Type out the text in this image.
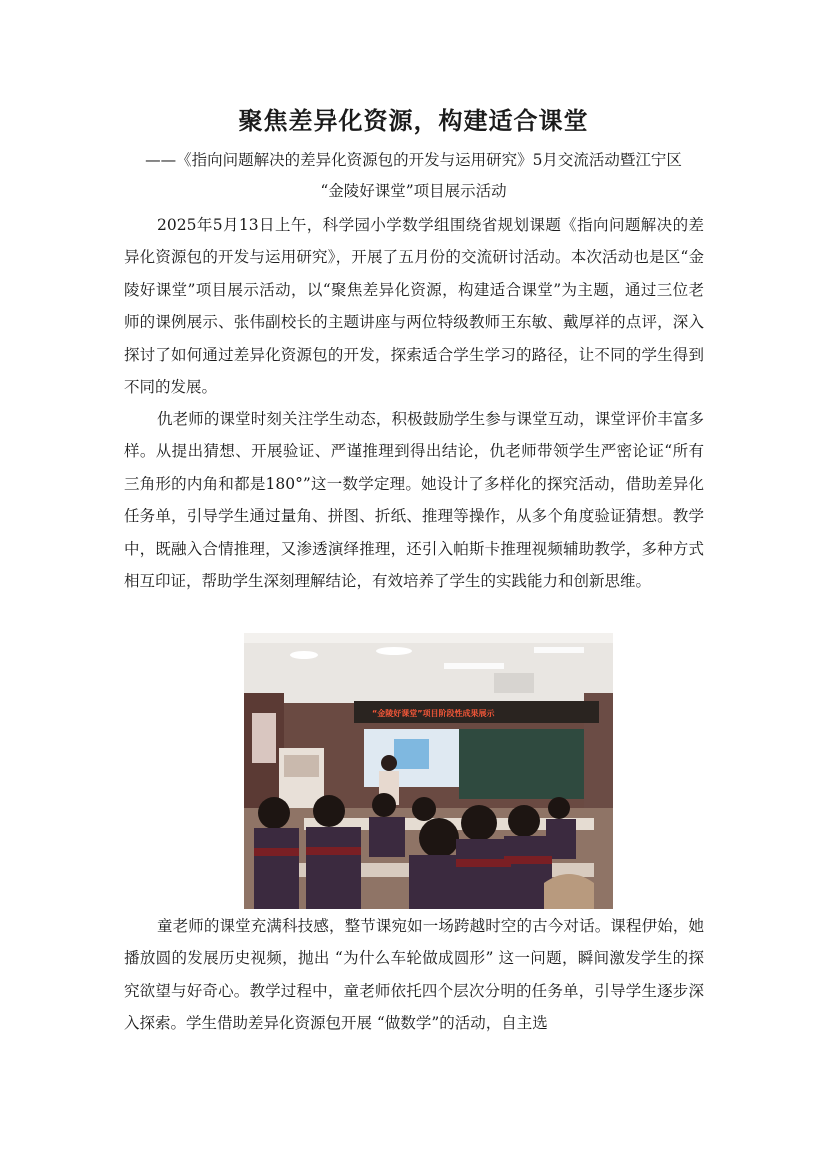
聚焦差异化资源，构建适合课堂
——《指向问题解决的差异化资源包的开发与运用研究》5月交流活动暨江宁区
“金陵好课堂”项目展示活动

2025年5月13日上午，科学园小学数学组围绕省规划课题《指向问题解决的差异化资源包的开发与运用研究》，开展了五月份的交流研讨活动。本次活动也是区“金陵好课堂”项目展示活动，以“聚焦差异化资源，构建适合课堂”为主题，通过三位老师的课例展示、张伟副校长的主题讲座与两位特级教师王东敏、戴厚祥的点评，深入探讨了如何通过差异化资源包的开发，探索适合学生学习的路径，让不同的学生得到不同的发展。

仇老师的课堂时刻关注学生动态，积极鼓励学生参与课堂互动，课堂评价丰富多样。从提出猜想、开展验证、严谨推理到得出结论，仇老师带领学生严密论证“所有三角形的内角和都是180°”这一数学定理。她设计了多样化的探究活动，借助差异化任务单，引导学生通过量角、拼图、折纸、推理等操作，从多个角度验证猜想。教学中，既融入合情推理，又渗透演绎推理，还引入帕斯卡推理视频辅助教学，多种方式相互印证，帮助学生深刻理解结论，有效培养了学生的实践能力和创新思维。

“金陵好课堂”项目阶段性成果展示

童老师的课堂充满科技感，整节课宛如一场跨越时空的古今对话。课程伊始，她播放圆的发展历史视频，抛出 “为什么车轮做成圆形” 这一问题，瞬间激发学生的探究欲望与好奇心。教学过程中，童老师依托四个层次分明的任务单，引导学生逐步深入探索。学生借助差异化资源包开展 “做数学”的活动，自主选
